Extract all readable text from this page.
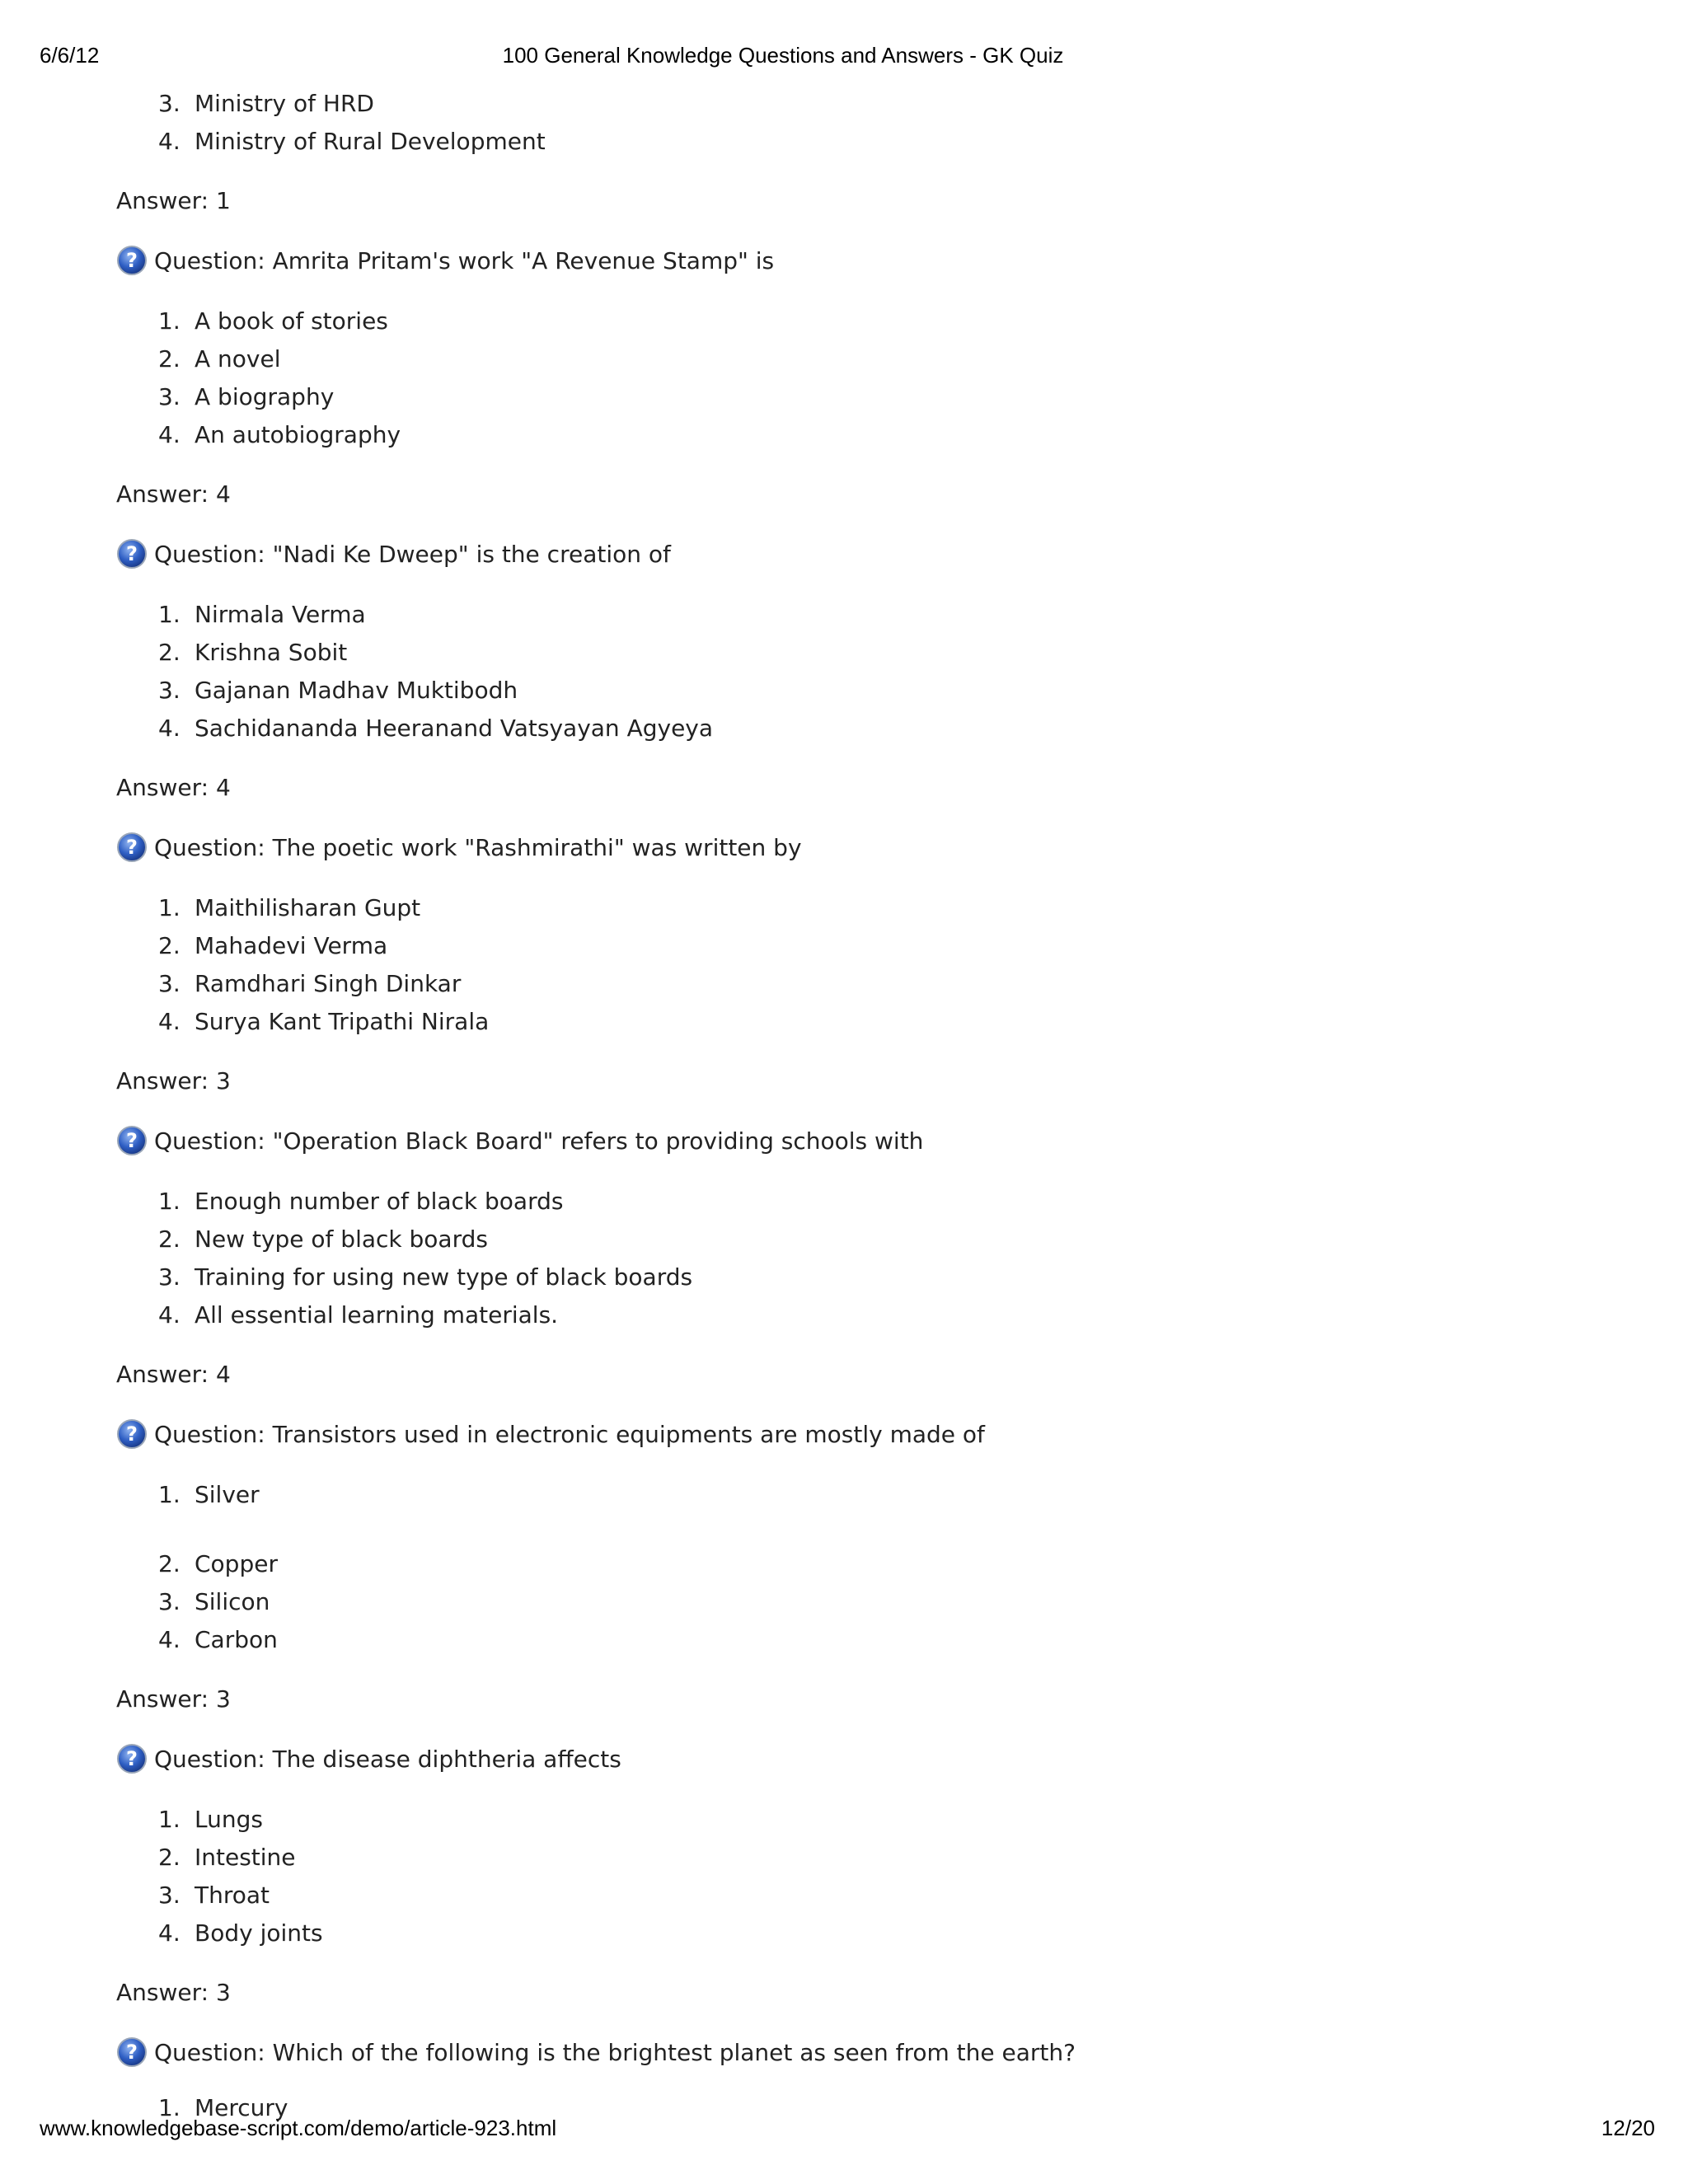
6/6/12	100 General Knowledge Questions and Answers - GK Quiz
3. Ministry of HRD
4. Ministry of Rural Development
Answer: 1
? Question: Amrita Pritam's work "A Revenue Stamp" is
1. A book of stories
2. A novel
3. A biography
4. An autobiography
Answer: 4
? Question: "Nadi Ke Dweep" is the creation of
1. Nirmala Verma
2. Krishna Sobit
3. Gajanan Madhav Muktibodh
4. Sachidananda Heeranand Vatsyayan Agyeya
Answer: 4
? Question: The poetic work "Rashmirathi" was written by
1. Maithilisharan Gupt
2. Mahadevi Verma
3. Ramdhari Singh Dinkar
4. Surya Kant Tripathi Nirala
Answer: 3
? Question: "Operation Black Board" refers to providing schools with
1. Enough number of black boards
2. New type of black boards
3. Training for using new type of black boards
4. All essential learning materials.
Answer: 4
? Question: Transistors used in electronic equipments are mostly made of
1. Silver
2. Copper
3. Silicon
4. Carbon
Answer: 3
? Question: The disease diphtheria affects
1. Lungs
2. Intestine
3. Throat
4. Body joints
Answer: 3
? Question: Which of the following is the brightest planet as seen from the earth?
1. Mercury
www.knowledgebase-script.com/demo/article-923.html	12/20
